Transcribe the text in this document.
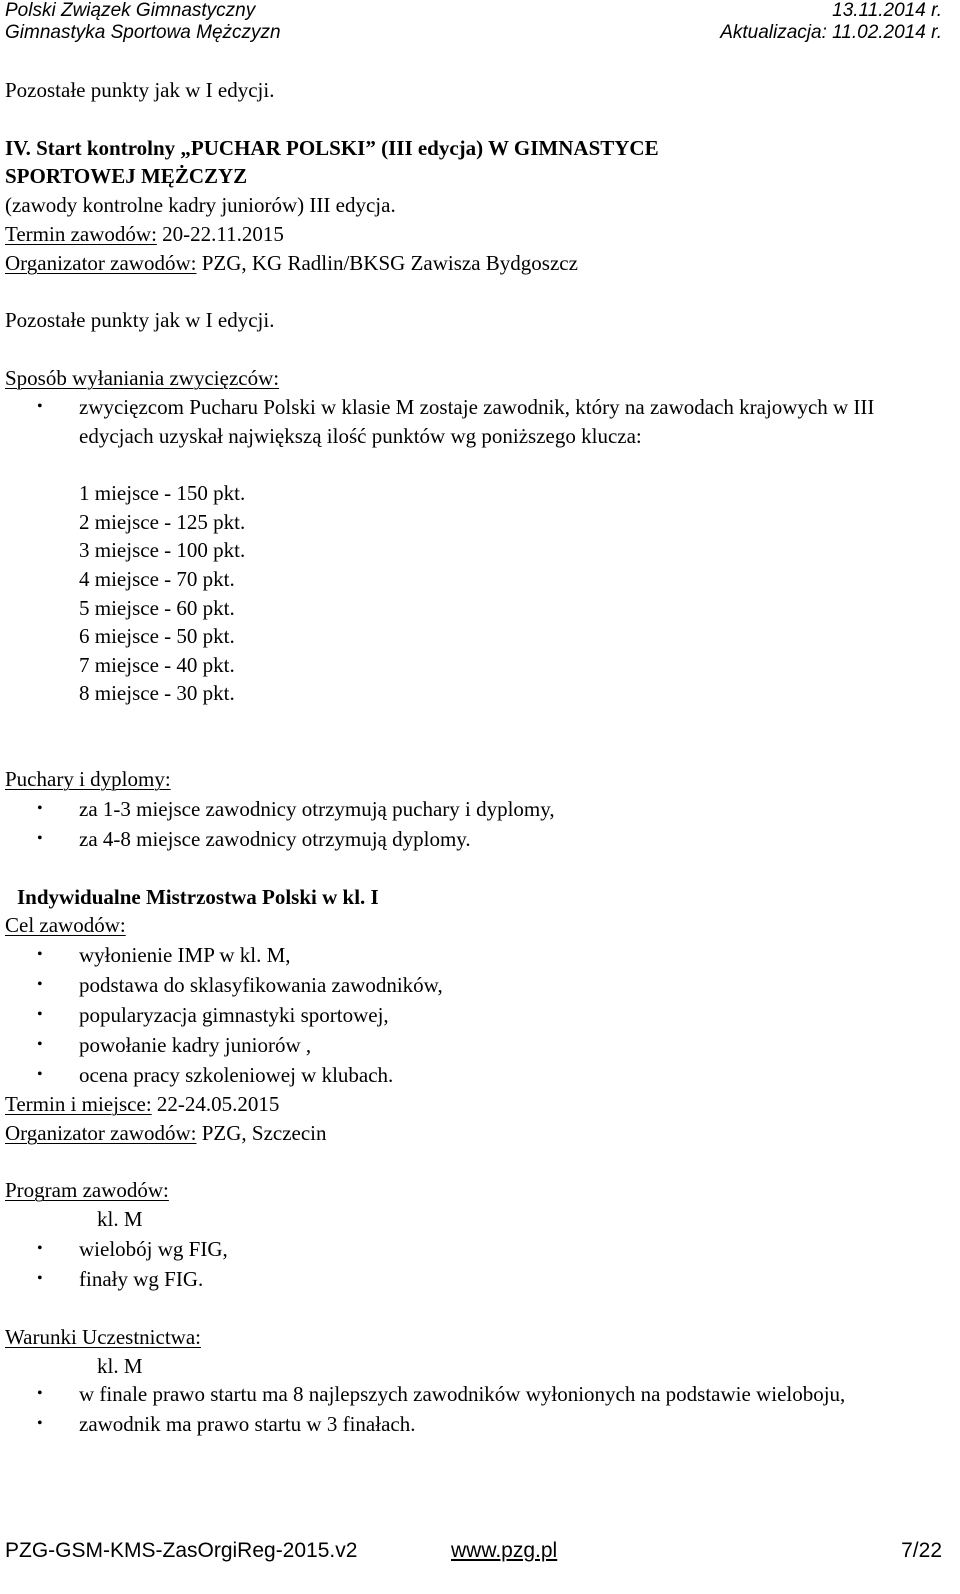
Polski Związek Gimnastyczny	13.11.2014 r.
Gimnastyka Sportowa Mężczyzn	Aktualizacja: 11.02.2014 r.

Pozostałe punkty jak w I edycji.

IV. Start kontrolny „PUCHAR POLSKI” (III edycja) W GIMNASTYCE

SPORTOWEJ MĘŻCZYZ

(zawody kontrolne kadry juniorów) III edycja.

Termin zawodów: 20-22.11.2015

Organizator zawodów: PZG, KG Radlin/BKSG Zawisza Bydgoszcz

Pozostałe punkty jak w I edycji.

Sposób wyłaniania zwycięzców:

• zwycięzcom Pucharu Polski w klasie M zostaje zawodnik, który na zawodach krajowych w III edycjach uzyskał największą ilość punktów wg poniższego klucza:
1 miejsce - 150 pkt.
2 miejsce - 125 pkt.
3 miejsce - 100 pkt.
4 miejsce - 70 pkt.
5 miejsce - 60 pkt.
6 miejsce - 50 pkt.
7 miejsce - 40 pkt.
8 miejsce - 30 pkt.

Puchary i dyplomy:

• za 1-3 miejsce zawodnicy otrzymują puchary i dyplomy,
• za 4-8 miejsce zawodnicy otrzymują dyplomy.

Indywidualne Mistrzostwa Polski w kl. I

Cel zawodów:

• wyłonienie IMP w kl. M,
• podstawa do sklasyfikowania zawodników,
• popularyzacja gimnastyki sportowej,
• powołanie kadry juniorów ,
• ocena pracy szkoleniowej w klubach.

Termin i miejsce: 22-24.05.2015

Organizator zawodów: PZG, Szczecin

Program zawodów:

kl. M

• wielobój wg FIG,
• finały wg FIG.

Warunki Uczestnictwa:

kl. M

• w finale prawo startu ma 8 najlepszych zawodników wyłonionych na podstawie wieloboju,
• zawodnik ma prawo startu w 3 finałach.
PZG-GSM-KMS-ZasOrgiReg-2015.v2	www.pzg.pl	7/22
